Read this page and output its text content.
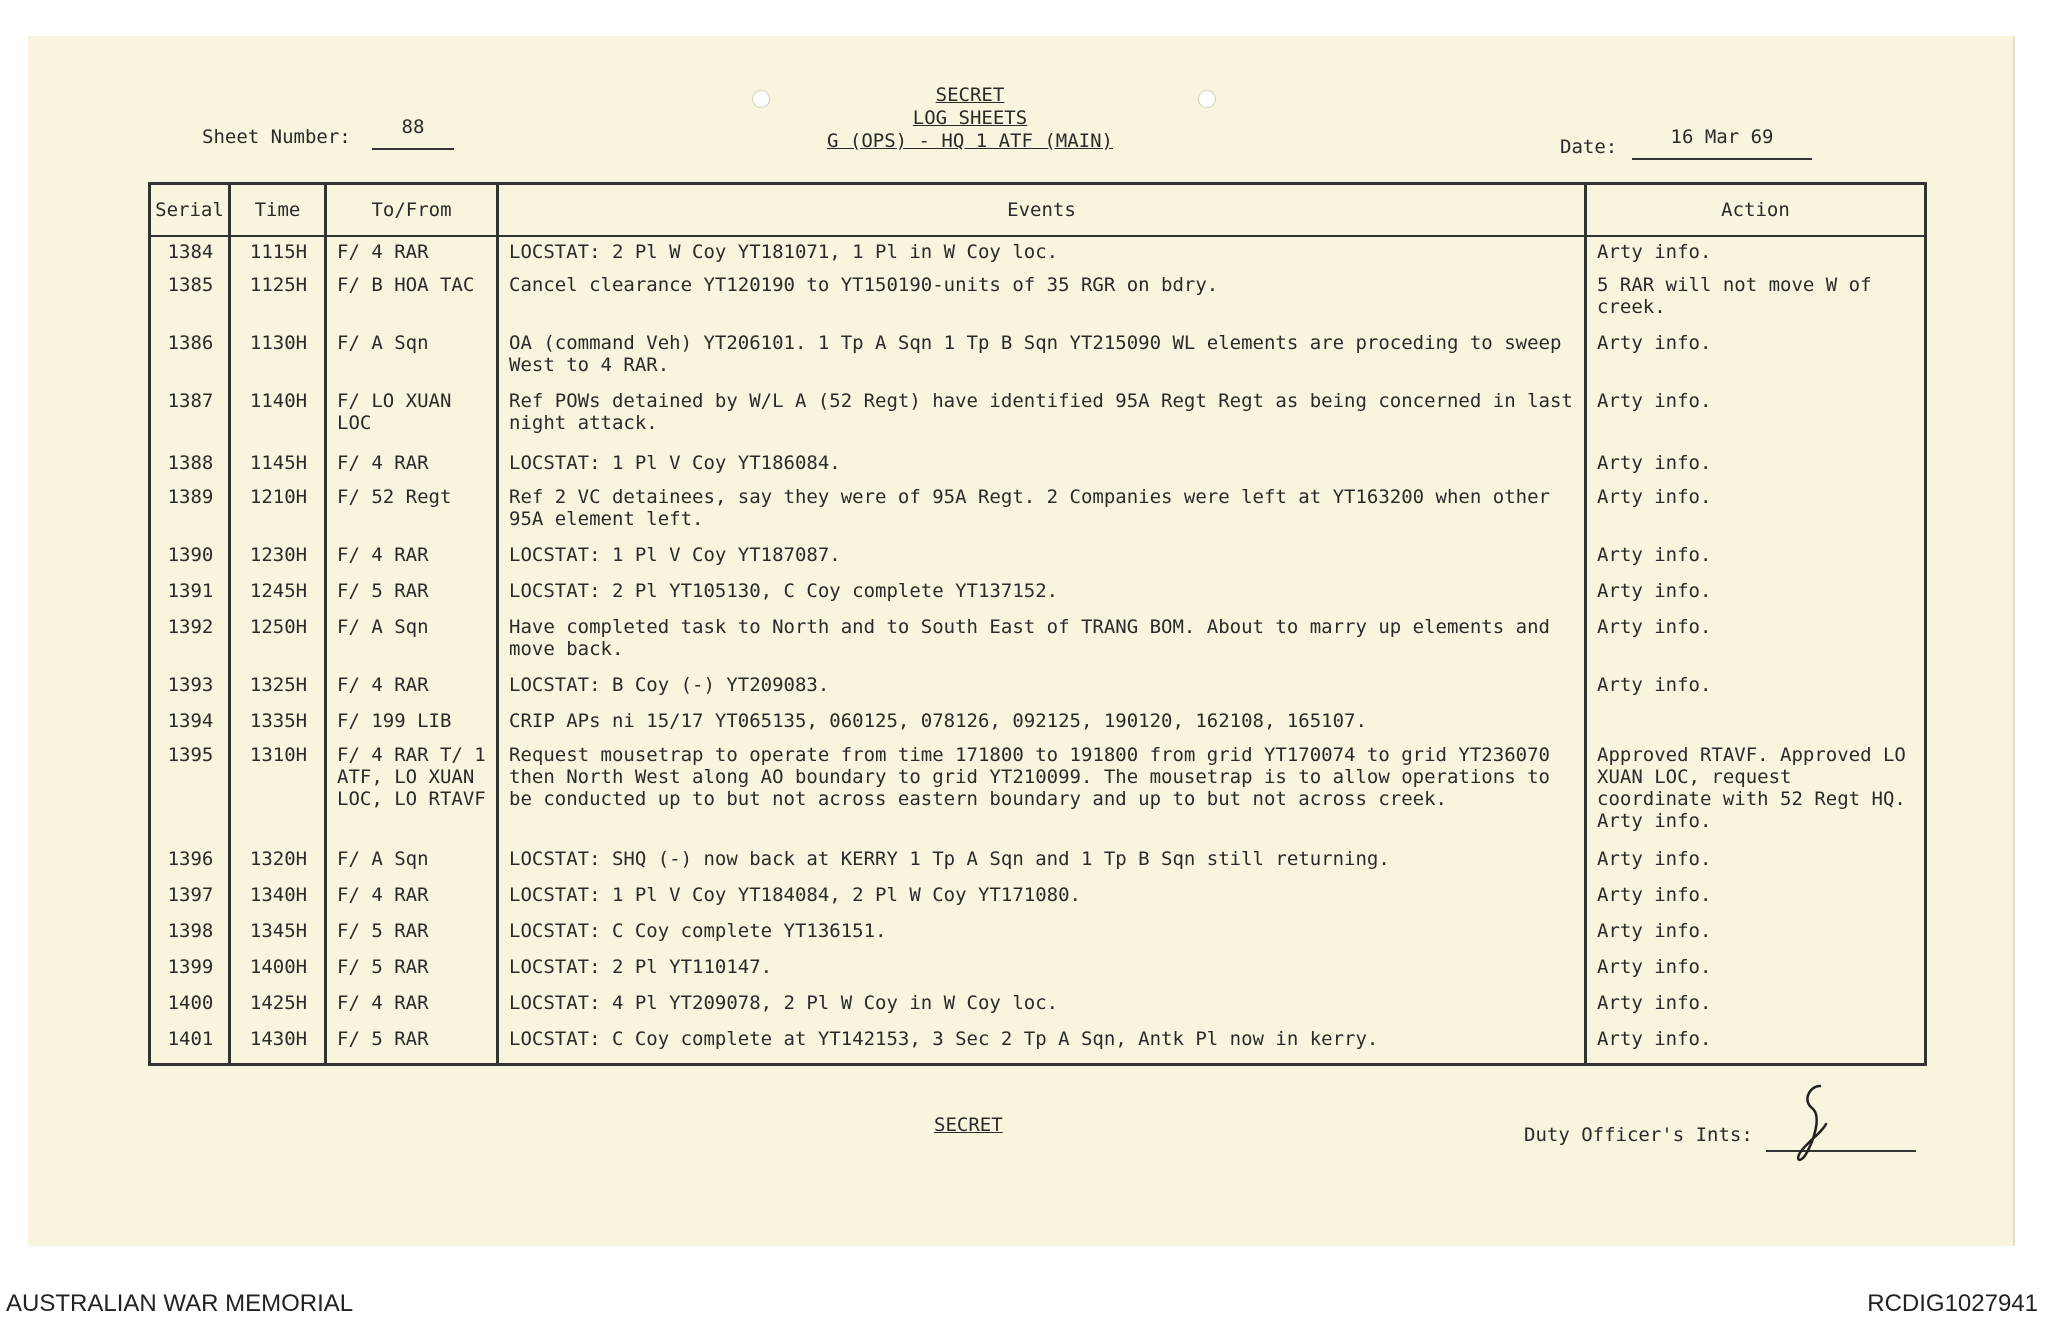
Sheet Number:	88
SECRET
LOG SHEETS
G (OPS) - HQ 1 ATF (MAIN)	Date:	16 Mar 69
Serial	Time	To/From	Events	Action
1384	1115H	F/ 4 RAR	LOCSTAT: 2 Pl W Coy YT181071, 1 Pl in W Coy loc.	Arty info.
1385	1125H	F/ B HOA TAC	Cancel clearance YT120190 to YT150190-units of 35 RGR on bdry.	5 RAR will not move W of creek.
1386	1130H	F/ A Sqn	OA (command Veh) YT206101. 1 Tp A Sqn 1 Tp B Sqn YT215090 WL elements are proceding to sweep West to 4 RAR.	Arty info.
1387	1140H	F/ LO XUAN LOC	Ref POWs detained by W/L A (52 Regt) have identified 95A Regt Regt as being concerned in last night attack.	Arty info.
1388	1145H	F/ 4 RAR	LOCSTAT: 1 Pl V Coy YT186084.	Arty info.
1389	1210H	F/ 52 Regt	Ref 2 VC detainees, say they were of 95A Regt. 2 Companies were left at YT163200 when other 95A element left.	Arty info.
1390	1230H	F/ 4 RAR	LOCSTAT: 1 Pl V Coy YT187087.	Arty info.
1391	1245H	F/ 5 RAR	LOCSTAT: 2 Pl YT105130, C Coy complete YT137152.	Arty info.
1392	1250H	F/ A Sqn	Have completed task to North and to South East of TRANG BOM. About to marry up elements and move back.	Arty info.
1393	1325H	F/ 4 RAR	LOCSTAT: B Coy (-) YT209083.	Arty info.
1394	1335H	F/ 199 LIB	CRIP APs ni 15/17 YT065135, 060125, 078126, 092125, 190120, 162108, 165107.	
1395	1310H	F/ 4 RAR T/ 1 ATF, LO XUAN LOC, LO RTAVF	Request mousetrap to operate from time 171800 to 191800 from grid YT170074 to grid YT236070 then North West along AO boundary to grid YT210099. The mousetrap is to allow operations to be conducted up to but not across eastern boundary and up to but not across creek.	Approved RTAVF. Approved LO XUAN LOC, request coordinate with 52 Regt HQ. Arty info.
1396	1320H	F/ A Sqn	LOCSTAT: SHQ (-) now back at KERRY 1 Tp A Sqn and 1 Tp B Sqn still returning.	Arty info.
1397	1340H	F/ 4 RAR	LOCSTAT: 1 Pl V Coy YT184084, 2 Pl W Coy YT171080.	Arty info.
1398	1345H	F/ 5 RAR	LOCSTAT: C Coy complete YT136151.	Arty info.
1399	1400H	F/ 5 RAR	LOCSTAT: 2 Pl YT110147.	Arty info.
1400	1425H	F/ 4 RAR	LOCSTAT: 4 Pl YT209078, 2 Pl W Coy in W Coy loc.	Arty info.
1401	1430H	F/ 5 RAR	LOCSTAT: C Coy complete at YT142153, 3 Sec 2 Tp A Sqn, Antk Pl now in kerry.	Arty info.
SECRET	Duty Officer's Ints:
AUSTRALIAN WAR MEMORIAL	RCDIG1027941
